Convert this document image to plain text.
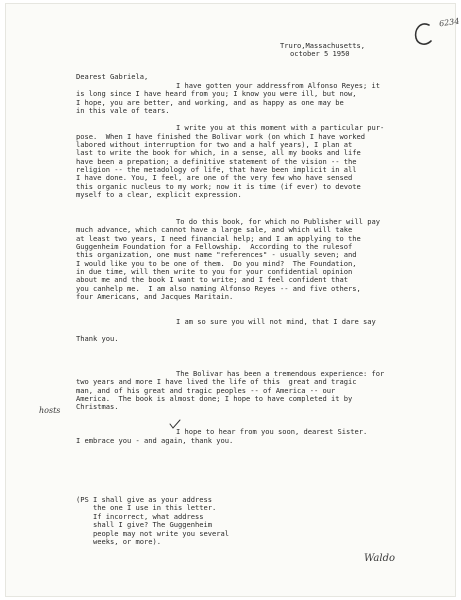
6234
hosts
Waldo
Truro,Massachusetts,
october 5 1950
Dearest Gabriela,
I have gotten your addressfrom Alfonso Reyes; it
is long since I have heard from you; I know you were ill, but now,
I hope, you are better, and working, and as happy as one may be
in this vale of tears.
I write you at this moment with a particular pur-
pose.  When I have finished the Bolivar work (on which I have worked
labored without interruption for two and a half years), I plan at
last to write the book for which, in a sense, all my books and life
have been a prepation; a definitive statement of the vision -- the
religion -- the metadology of life, that have been implicit in all
I have done. You, I feel, are one of the very few who have sensed
this organic nucleus to my work; now it is time (if ever) to devote
myself to a clear, explicit expression.
To do this book, for which no Publisher will pay
much advance, which cannot have a large sale, and which will take
at least two years, I need financial help; and I am applying to the
Guggenheim Foundation for a Fellowship.  According to the rulesof
this organization, one must name "references" - usually seven; and
I would like you to be one of them.  Do you mind?  The Foundation,
in due time, will then write to you for your confidential opinion
about me and the book I want to write; and I feel confident that
you canhelp me.  I am also naming Alfonso Reyes -- and five others,
four Americans, and Jacques Maritain.
I am so sure you will not mind, that I dare say
Thank you.
The Bolivar has been a tremendous experience: for
two years and more I have lived the life of this  great and tragic
man, and of his great and tragic peoples -- of America -- our
America.  The book is almost done; I hope to have completed it by
Christmas.
I hope to hear from you soon, dearest Sister.
I embrace you - and again, thank you.
(PS I shall give as your address
the one I use in this letter.
If incorrect, what address
shall I give? The Guggenheim
people may not write you several
weeks, or more).
